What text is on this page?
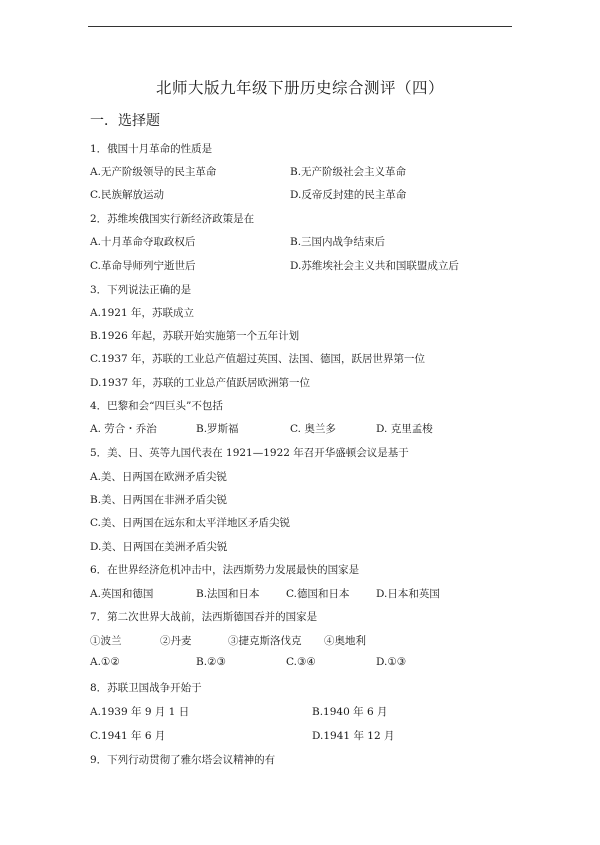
北师大版九年级下册历史综合测评（四）
一．选择题
1．俄国十月革命的性质是
A.无产阶级领导的民主革命	B.无产阶级社会主义革命
C.民族解放运动	D.反帝反封建的民主革命
2．苏维埃俄国实行新经济政策是在
A.十月革命夺取政权后	B.三国内战争结束后
C.革命导师列宁逝世后	D.苏维埃社会主义共和国联盟成立后
3．下列说法正确的是
A.1921 年，苏联成立
B.1926 年起，苏联开始实施第一个五年计划
C.1937 年，苏联的工业总产值超过英国、法国、德国，跃居世界第一位
D.1937 年，苏联的工业总产值跃居欧洲第一位
4．巴黎和会“四巨头”不包括
A. 劳合・乔治	B.罗斯福	C. 奥兰多	D. 克里孟梭
5．美、日、英等九国代表在 1921—1922 年召开华盛顿会议是基于
A.美、日两国在欧洲矛盾尖锐
B.美、日两国在非洲矛盾尖锐
C.美、日两国在远东和太平洋地区矛盾尖锐
D.美、日两国在美洲矛盾尖锐
6．在世界经济危机冲击中，法西斯势力发展最快的国家是
A.英国和德国	B.法国和日本	C.德国和日本	D.日本和英国
7．第二次世界大战前，法西斯德国吞并的国家是
①波兰	②丹麦	③捷克斯洛伐克 ④奥地利
A.①②	B.②③	C.③④	D.①③
8．苏联卫国战争开始于
A.1939 年 9 月 1 日	B.1940 年 6 月
C.1941 年 6 月	D.1941 年 12 月
9．下列行动贯彻了雅尔塔会议精神的有
